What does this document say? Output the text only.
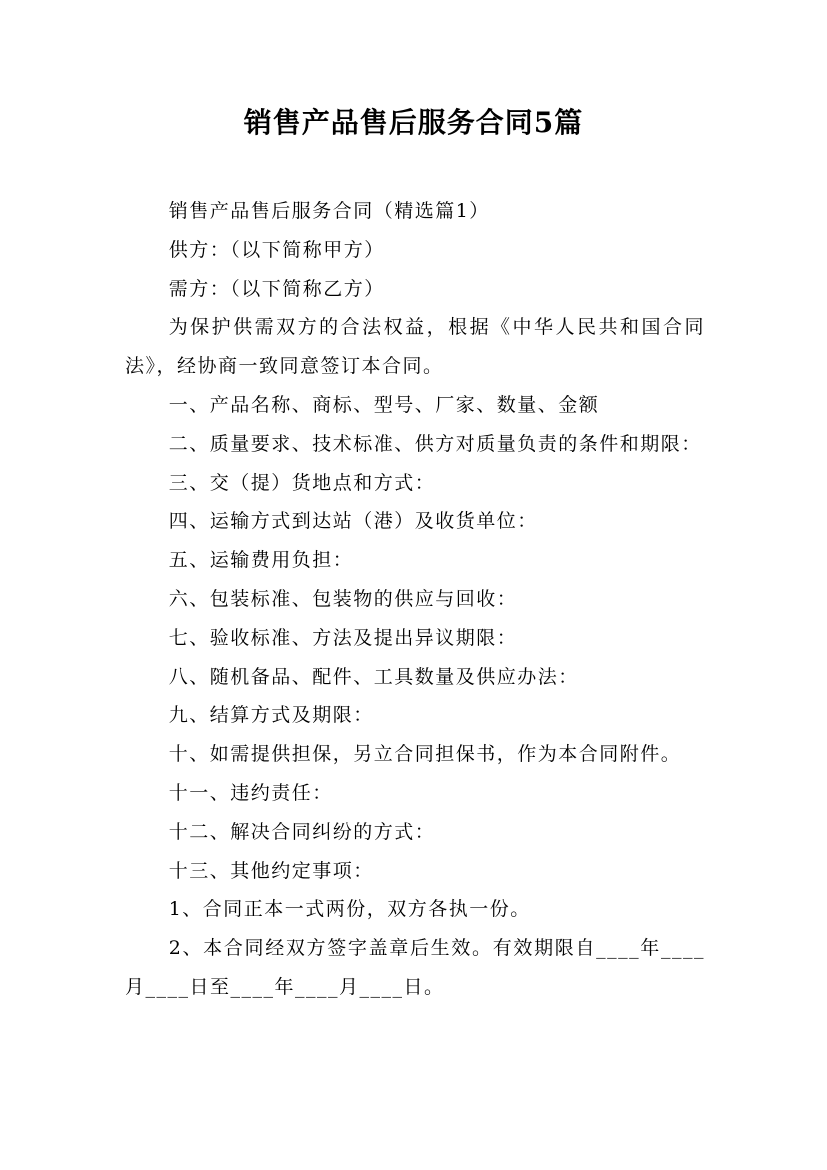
销售产品售后服务合同5篇

销售产品售后服务合同（精选篇1）

供方：（以下简称甲方）

需方：（以下简称乙方）

为保护供需双方的合法权益，根据《中华人民共和国合同法》，经协商一致同意签订本合同。

一、产品名称、商标、型号、厂家、数量、金额

二、质量要求、技术标准、供方对质量负责的条件和期限：

三、交（提）货地点和方式：

四、运输方式到达站（港）及收货单位：

五、运输费用负担：

六、包装标准、包装物的供应与回收：

七、验收标准、方法及提出异议期限：

八、随机备品、配件、工具数量及供应办法：

九、结算方式及期限：

十、如需提供担保，另立合同担保书，作为本合同附件。

十一、违约责任：

十二、解决合同纠纷的方式：

十三、其他约定事项：

1、合同正本一式两份，双方各执一份。

2、本合同经双方签字盖章后生效。有效期限自____年____月____日至____年____月____日。
